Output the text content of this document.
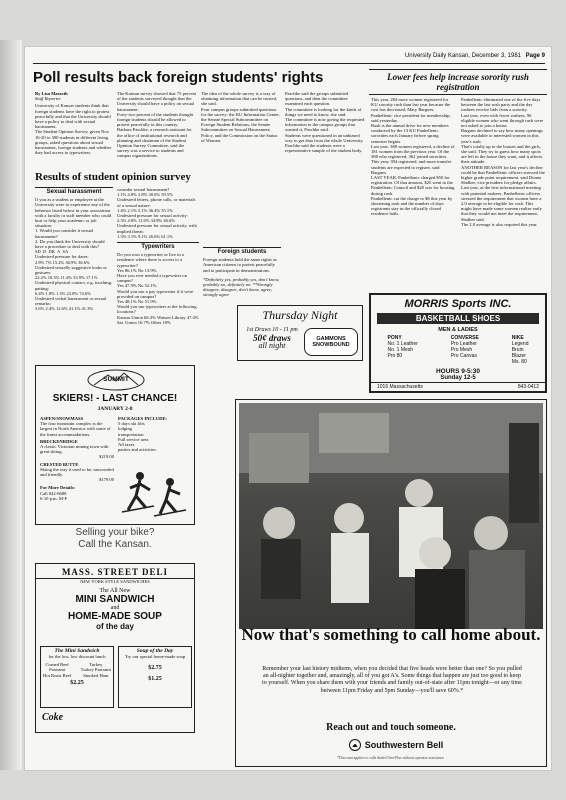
University Daily Kansan, December 3, 1981 Page 9
Poll results back foreign students' rights
By Lisa Massoth
Staff Reporter

University of Kansas students think that foreign students have the right to protest peacefully and that the University should have a policy to deal with sexual harassment.

The Student Opinion Survey, given Nov. 16-20 to 300 students in different living groups, asked questions about sexual harassment, foreign students and whether they had access to typewriters.

The Kansan survey showed that 75 percent of the students surveyed thought that the University should have a policy on sexual harassment.

Forty-two percent of the students thought foreign students should be allowed to protest peacefully in this country.

Barbara Paschke, a research assistant for the office of institutional research and planning and chairman of the Student Opinion Survey Committee, said the survey was a service to students and campus organizations.

The idea of the whole survey is a way of obtaining information that can be trusted, she said.

Four campus groups submitted questions for the survey: the KU Information Center, the Senate Special Subcommittee on Foreign Student Relations, the Senate Subcommittee on Sexual Harassment Policy, and the Commission on the Status of Women.

Paschke said the groups submitted questions, and then the committee examined each question.

The committee is looking for the kinds of things we need to know, she said.

The committee is now giving the requested information to the campus groups that wanted it, Paschke said.

Students were questioned in an unbiased way to get data from the whole University.

Paschke said the students were a representative sample of the student body.

Results of student opinion survey
Sexual harassment

If you as a student or employee at the University were to experience any of the behavior listed below in your association with a faculty or staff member who could hurt or help your academic or job situation:

1. Would you consider it sexual harassment?

2. Do you think the University should have a procedure to deal with this?

SD D DK A SA

Undesired pressure for dates:

2.8% 7% 15.2% 36.9% 36.6%

Undesired sexually suggestive looks or gestures:

22.2% 16.3% 11.4% 33.9% 17.1%

Undesired physical contact, e.g. touching, patting:

6.4% 1.8% 1.3% 23.8% 74.6%

Undesired verbal harassment or sexual remarks:

3.6% 2.4% 12.6% 41.1% 41.3%

consider sexual harassment?

1.1% 4.8% 3.8% 30.6% 59.5%

Undesired letters, phone calls, or materials of a sexual nature:

1.4% 2.1% 5.1% 36.4% 55.1%

Undesired pressure for sexual activity:

2.3% 4.8% 11.6% 34.8% 46.6%

Undesired pressure for sexual activity, with implied threat:

1.3% 3.1% 9.1% 26.6% 61.1%
Typewriters

Do you own a typewriter or live in a residence where there is access to a typewriter?

Yes 86.1% No 13.9%

Have you ever needed a typewriter on campus?

Yes 47.9% No 52.1%

Would you use a pay typewriter if it were provided on campus?

Yes 48.1% No 51.9%

Would you use typewriters at the following locations?

Kansas Union 66.3% Watson Library 47.4% Sat. Union 16.7% Other 10%

Foreign students

Foreign students hold the same rights as American citizens to protest peacefully and to participate in demonstrations.

*Definitely yes, probably yes, don't know, probably no, definitely no. **Strongly disagree, disagree, don't know, agree, strongly agree

Lower fees help increase sorority rush registration

This year, 284 more women registered for KU sorority rush than last year because the cost has decreased, Mary Bargues, Panhellenic vice president for membership, said yesterday.

Rush is the annual drive for new members conducted by the 13 KU Panhellenic sororities each January before spring semester begins.

Last year, 388 women registered, a decline of 181 women from the previous year. Of the 388 who registered, 362 joined sororities.

This year, 394 registered, and more transfer students are expected to register, said Bargues.

LAST YEAR, Panhellenic charged $50 for registration. Of that amount, $25 went to the Panhellenic Council and $20 was for housing during rush.

Panhellenic cut the charge to $8 this year by shortening rush and the number of days registrants stay in the officially closed residence halls.

Panhellenic eliminated one of the five days between the last rush party and the day rushees receive bids from a sorority.

Last year, even with fewer rushees, 96 eligible women who went through rush were not asked to join a house.

Bargues declined to say how many openings were available to interested women in this year's rush.

That's totally up to the houses and the girls, she said. They try to guess how many spots are left in the house they want, and it affects their attitude.

ANOTHER REASON for last year's decline could be that Panhellenic officers stressed the higher grade point requirement, said Donna Shalber, vice president for pledge affairs.

Last year, at the first informational meeting with potential rushees, Panhellenic officers stressed the requirement that women have a 2.0 average to be eligible for rush. This might have made some women realize early that they would not meet the requirement, Shalber said.

The 2.0 average is also required this year.

MORRIS Sports INC.
BASKETBALL SHOES
MEN & LADIES
PONY
No. 1 Leather
No. 1 Mesh
Pro 80
CONVERSE
Pro Leather
Pro Mesh
Pro Canvas
NIKE
Legend
Bruin
Blazer
Ms. 80
HOURS 9-5:30
Sunday 12-5
1016 Massachusetts	843-0412
Thursday Night
1st Draws 10 - 11 pm
50¢ draws
all night
GAMMONS SNOWBOUND
SUMMIT
SKIERS! - LAST CHANCE!
JANUARY 2-8
ASPEN/SNOWMASS

The four mountain complex is the largest in North America with some of the finest accommodations.

BRECKENRIDGE

A classic Victorian mining town with great skiing.

$219.00
CRESTED BUTTE

Skiing the way it used to be, uncrowded and friendly.

$179.00
For More Details:
Call 842-6688
6-10 p.m. M-F
PACKAGES INCLUDE:
5 days ski lifts
lodging
transportation
Full service area
All taxes
parties and activities
Selling your bike?
Call the Kansan.
MASS. STREET DELI
NEW YORK STYLE SANDWICHES
The All New
MINI SANDWICH
and
HOME-MADE SOUP
of the day
The Mini Sandwich
for the low, low discount lunch
Corned Beef
Pastrami
Hot Roast Beef
Turkey
Turkey Pastrami
Smoked Ham
$2.25
Soup of the Day
Try our special home-made soup
$2.75
$1.25
Coke
Now that's something to call home about.
Remember your last history midterm, when you decided that five heads were better than one? So you pulled an all-nighter together and, amazingly, all of you got A's. Some things that happen are just too good to keep to yourself. When you share them with your friends and family out-of-state after 11pm tonight—or any time between 11pm Friday and 5pm Sunday—you'll save 60%.*
Reach out and touch someone.
Southwestern Bell
*Discount applies to calls dialed One-Plus without operator assistance.
